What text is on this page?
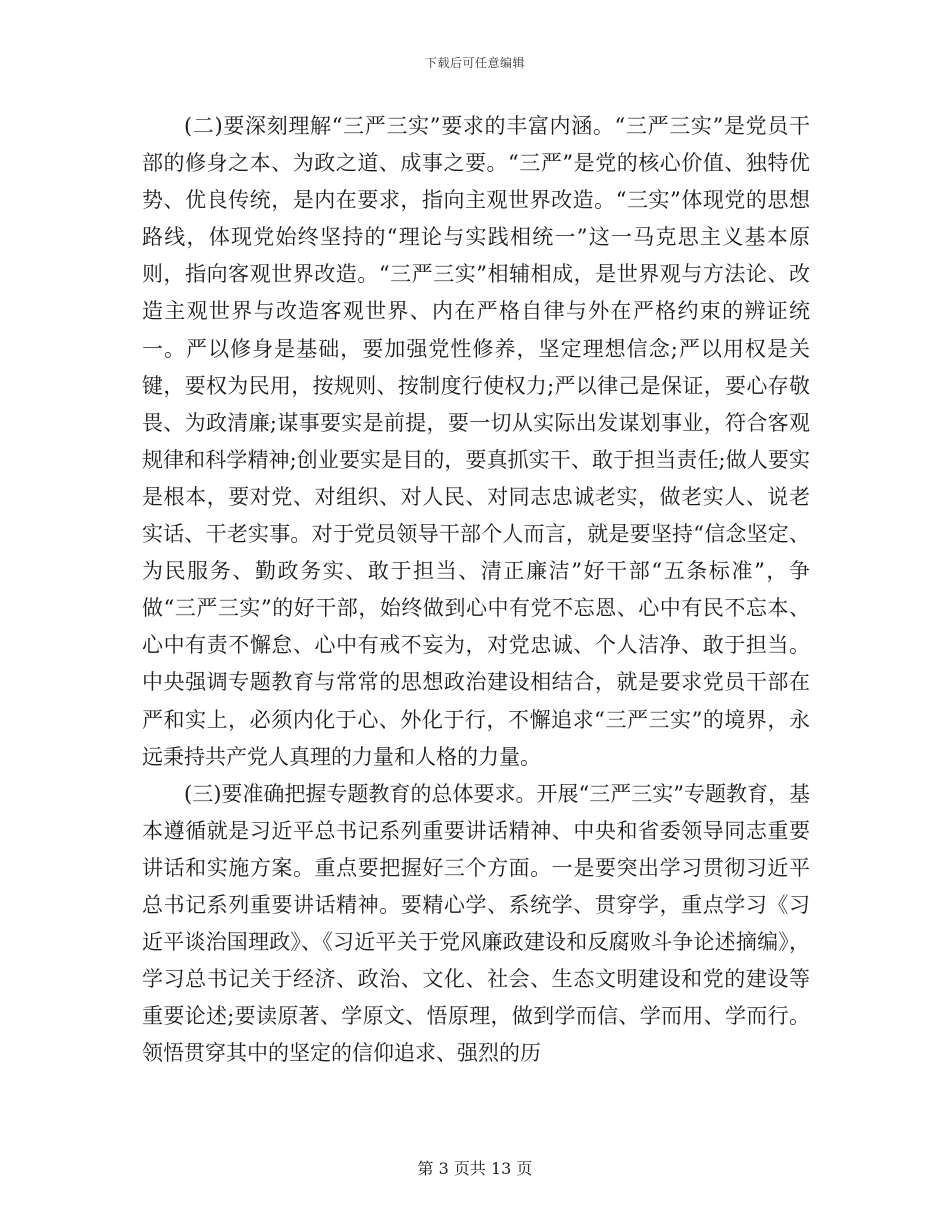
下载后可任意编辑

(二)要深刻理解“三严三实”要求的丰富内涵。“三严三实”是党员干部的修身之本、为政之道、成事之要。“三严”是党的核心价值、独特优势、优良传统，是内在要求，指向主观世界改造。“三实”体现党的思想路线，体现党始终坚持的“理论与实践相统一”这一马克思主义基本原则，指向客观世界改造。“三严三实”相辅相成，是世界观与方法论、改造主观世界与改造客观世界、内在严格自律与外在严格约束的辨证统一。严以修身是基础，要加强党性修养，坚定理想信念;严以用权是关键，要权为民用，按规则、按制度行使权力;严以律己是保证，要心存敬畏、为政清廉;谋事要实是前提，要一切从实际出发谋划事业，符合客观规律和科学精神;创业要实是目的，要真抓实干、敢于担当责任;做人要实是根本，要对党、对组织、对人民、对同志忠诚老实，做老实人、说老实话、干老实事。对于党员领导干部个人而言，就是要坚持“信念坚定、为民服务、勤政务实、敢于担当、清正廉洁”好干部“五条标准”，争做“三严三实”的好干部，始终做到心中有党不忘恩、心中有民不忘本、心中有责不懈怠、心中有戒不妄为，对党忠诚、个人洁净、敢于担当。中央强调专题教育与常常的思想政治建设相结合，就是要求党员干部在严和实上，必须内化于心、外化于行，不懈追求“三严三实”的境界，永远秉持共产党人真理的力量和人格的力量。

(三)要准确把握专题教育的总体要求。开展“三严三实”专题教育，基本遵循就是习近平总书记系列重要讲话精神、中央和省委领导同志重要讲话和实施方案。重点要把握好三个方面。一是要突出学习贯彻习近平总书记系列重要讲话精神。要精心学、系统学、贯穿学，重点学习《习近平谈治国理政》、《习近平关于党风廉政建设和反腐败斗争论述摘编》，学习总书记关于经济、政治、文化、社会、生态文明建设和党的建设等重要论述;要读原著、学原文、悟原理，做到学而信、学而用、学而行。领悟贯穿其中的坚定的信仰追求、强烈的历

第 3 页共 13 页
